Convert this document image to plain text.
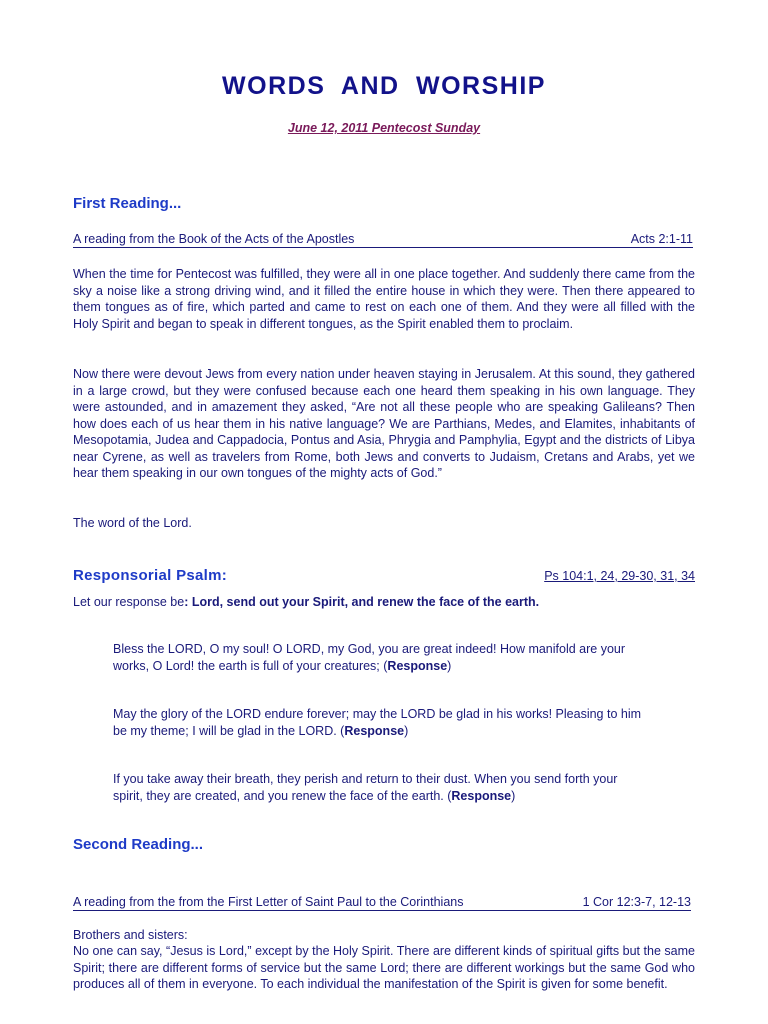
WORDS AND WORSHIP
June 12, 2011 Pentecost Sunday
First Reading...
A reading from the Book of the Acts of the Apostles	Acts 2:1-11

When the time for Pentecost was fulfilled, they were all in one place together. And suddenly there came from the sky a noise like a strong driving wind, and it filled the entire house in which they were. Then there appeared to them tongues as of fire, which parted and came to rest on each one of them. And they were all filled with the Holy Spirit and began to speak in different tongues, as the Spirit enabled them to proclaim.

Now there were devout Jews from every nation under heaven staying in Jerusalem. At this sound, they gathered in a large crowd, but they were confused because each one heard them speaking in his own language. They were astounded, and in amazement they asked, “Are not all these people who are speaking Galileans? Then how does each of us hear them in his native language? We are Parthians, Medes, and Elamites, inhabitants of Mesopotamia, Judea and Cappadocia, Pontus and Asia, Phrygia and Pamphylia, Egypt and the districts of Libya near Cyrene, as well as travelers from Rome, both Jews and converts to Judaism, Cretans and Arabs, yet we hear them speaking in our own tongues of the mighty acts of God.”

The word of the Lord.

Responsorial Psalm:	Ps 104:1, 24, 29-30, 31, 34

Let our response be: Lord, send out your Spirit, and renew the face of the earth.

Bless the LORD, O my soul! O LORD, my God, you are great indeed! How manifold are your works, O Lord! the earth is full of your creatures; (Response)

May the glory of the LORD endure forever; may the LORD be glad in his works! Pleasing to him be my theme; I will be glad in the LORD. (Response)

If you take away their breath, they perish and return to their dust. When you send forth your spirit, they are created, and you renew the face of the earth. (Response)

Second Reading...
A reading from the from the First Letter of Saint Paul to the Corinthians	1 Cor 12:3-7, 12-13

Brothers and sisters:

No one can say, “Jesus is Lord,” except by the Holy Spirit. There are different kinds of spiritual gifts but the same Spirit; there are different forms of service but the same Lord; there are different workings but the same God who produces all of them in everyone. To each individual the manifestation of the Spirit is given for some benefit.
